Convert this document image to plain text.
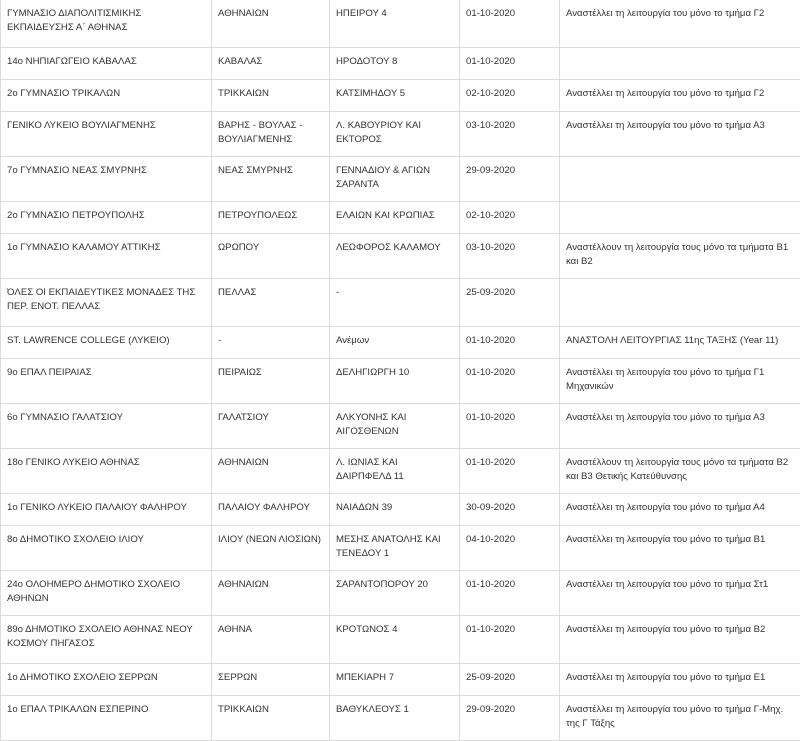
ΓΥΜΝΑΣΙΟ ΔΙΑΠΟΛΙΤΙΣΜΙΚΗΣ ΕΚΠΑΙΔΕΥΣΗΣ Α΄ ΑΘΗΝΑΣ	ΑΘΗΝΑΙΩΝ	ΗΠΕΙΡΟΥ 4	01-10-2020	Αναστέλλει τη λειτουργία του μόνο το τμήμα Γ2
14ο ΝΗΠΙΑΓΩΓΕΙΟ ΚΑΒΑΛΑΣ	ΚΑΒΑΛΑΣ	ΗΡΟΔΟΤΟΥ 8	01-10-2020	
2ο ΓΥΜΝΑΣΙΟ ΤΡΙΚΑΛΩΝ	ΤΡΙΚΚΑΙΩΝ	ΚΑΤΣΙΜΗΔΟΥ 5	02-10-2020	Αναστέλλει τη λειτουργία του μόνο το τμήμα Γ2
ΓΕΝΙΚΟ ΛΥΚΕΙΟ ΒΟΥΛΙΑΓΜΕΝΗΣ	ΒΑΡΗΣ - ΒΟΥΛΑΣ - ΒΟΥΛΙΑΓΜΕΝΗΣ	Λ. ΚΑΒΟΥΡΙΟΥ ΚΑΙ ΕΚΤΟΡΟΣ	03-10-2020	Αναστέλλει τη λειτουργία του μόνο το τμήμα Α3
7ο ΓΥΜΝΑΣΙΟ ΝΕΑΣ ΣΜΥΡΝΗΣ	ΝΕΑΣ ΣΜΥΡΝΗΣ	ΓΕΝΝΑΔΙΟΥ & ΑΓΙΩΝ ΣΑΡΑΝΤΑ	29-09-2020	
2ο ΓΥΜΝΑΣΙΟ ΠΕΤΡΟΥΠΟΛΗΣ	ΠΕΤΡΟΥΠΟΛΕΩΣ	ΕΛΑΙΩΝ ΚΑΙ ΚΡΩΠΙΑΣ	02-10-2020	
1ο ΓΥΜΝΑΣΙΟ ΚΑΛΑΜΟΥ ΑΤΤΙΚΗΣ	ΩΡΩΠΟΥ	ΛΕΩΦΟΡΟΣ ΚΑΛΑΜΟΥ	03-10-2020	Αναστέλλουν τη λειτουργία τους μόνο τα τμήματα Β1 και Β2
ΌΛΕΣ ΟΙ ΕΚΠΑΙΔΕΥΤΙΚΕΣ ΜΟΝΑΔΕΣ ΤΗΣ ΠΕΡ. ΕΝΟΤ. ΠΕΛΛΑΣ	ΠΕΛΛΑΣ	-	25-09-2020	
ST. LAWRENCE COLLEGE (ΛΥΚΕΙΟ)	-	Ανέμων	01-10-2020	ΑΝΑΣΤΟΛΗ ΛΕΙΤΟΥΡΓΙΑΣ 11ης ΤΑΞΗΣ (Year 11)
9ο ΕΠΑΛ ΠΕΙΡΑΙΑΣ	ΠΕΙΡΑΙΩΣ	ΔΕΛΗΓΙΩΡΓΗ 10	01-10-2020	Αναστέλλει τη λειτουργία του μόνο το τμήμα Γ1 Μηχανικών
6ο ΓΥΜΝΑΣΙΟ ΓΑΛΑΤΣΙΟΥ	ΓΑΛΑΤΣΙΟΥ	ΑΛΚΥΟΝΗΣ ΚΑΙ ΑΙΓΟΣΘΕΝΩΝ	01-10-2020	Αναστέλλει τη λειτουργία του μόνο το τμήμα Α3
18ο ΓΕΝΙΚΟ ΛΥΚΕΙΟ ΑΘΗΝΑΣ	ΑΘΗΝΑΙΩΝ	Λ. ΙΩΝΙΑΣ ΚΑΙ ΔΑΙΡΠΦΕΛΔ 11	01-10-2020	Αναστέλλουν τη λειτουργία τους μόνο τα τμήματα Β2 και Β3 Θετικής Κατεύθυνσης
1ο ΓΕΝΙΚΟ ΛΥΚΕΙΟ ΠΑΛΑΙΟΥ ΦΑΛΗΡΟΥ	ΠΑΛΑΙΟΥ ΦΑΛΗΡΟΥ	ΝΑΙΑΔΩΝ 39	30-09-2020	Αναστέλλει τη λειτουργία του μόνο το τμήμα Α4
8ο ΔΗΜΟΤΙΚΟ ΣΧΟΛΕΙΟ ΙΛΙΟΥ	ΙΛΙΟΥ (ΝΕΩΝ ΛΙΟΣΙΩΝ)	ΜΕΣΗΣ ΑΝΑΤΟΛΗΣ ΚΑΙ ΤΕΝΕΔΟΥ 1	04-10-2020	Αναστέλλει τη λειτουργία του μόνο το τμήμα Β1
24ο ΟΛΟΗΜΕΡΟ ΔΗΜΟΤΙΚΟ ΣΧΟΛΕΙΟ ΑΘΗΝΩΝ	ΑΘΗΝΑΙΩΝ	ΣΑΡΑΝΤΟΠΟΡΟΥ 20	01-10-2020	Αναστέλλει τη λειτουργία του μόνο το τμήμα Στ1
89ο ΔΗΜΟΤΙΚΟ ΣΧΟΛΕΙΟ ΑΘΗΝΑΣ ΝΕΟΥ ΚΟΣΜΟΥ ΠΗΓΑΣΟΣ	ΑΘΗΝΑ	ΚΡΟΤΩΝΟΣ 4	01-10-2020	Αναστέλλει τη λειτουργία του μόνο το τμήμα Β2
1ο ΔΗΜΟΤΙΚΟ ΣΧΟΛΕΙΟ ΣΕΡΡΩΝ	ΣΕΡΡΩΝ	ΜΠΕΚΙΑΡΗ 7	25-09-2020	Αναστέλλει τη λειτουργία του μόνο το τμήμα Ε1
1ο ΕΠΑΛ ΤΡΙΚΑΛΩΝ ΕΣΠΕΡΙΝΟ	ΤΡΙΚΚΑΙΩΝ	ΒΑΘΥΚΛΕΟΥΣ 1	29-09-2020	Αναστέλλει τη λειτουργία του μόνο το τμήμα Γ-Μηχ. της Γ Τάξης
